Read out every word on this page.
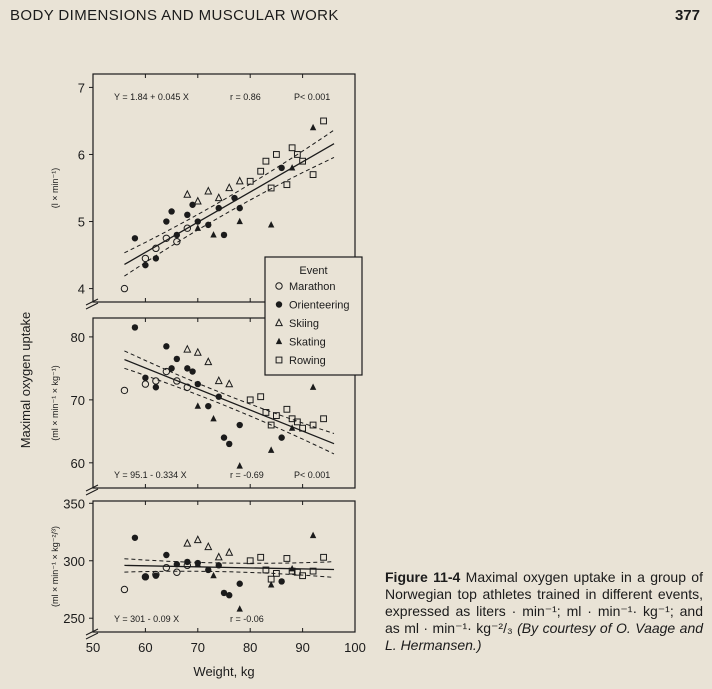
BODY DIMENSIONS AND MUSCULAR WORK	377
4
5
6
7
(l × min⁻¹)
Y = 1.84 + 0.045 X	r = 0.86	P< 0.001
60
70
80
(ml × min⁻¹ × kg⁻¹)
Y = 95.1 - 0.334 X	r = -0.69	P< 0.001
250
300
350
(ml × min⁻¹ × kg⁻²/³)
Y = 301 - 0.09 X	r = -0.06
50	60	70	80	90	100
Weight, kg
Maximal oxygen uptake
Event
Marathon
Orienteering
Skiing
Skating
Rowing
Figure 11-4 Maximal oxygen uptake in a group of Norwegian top athletes trained in different events, expressed as liters · min⁻¹; ml · min⁻¹· kg⁻¹; and as ml · min⁻¹· kg⁻²/₃ (By courtesy of O. Vaage and L. Hermansen.)
